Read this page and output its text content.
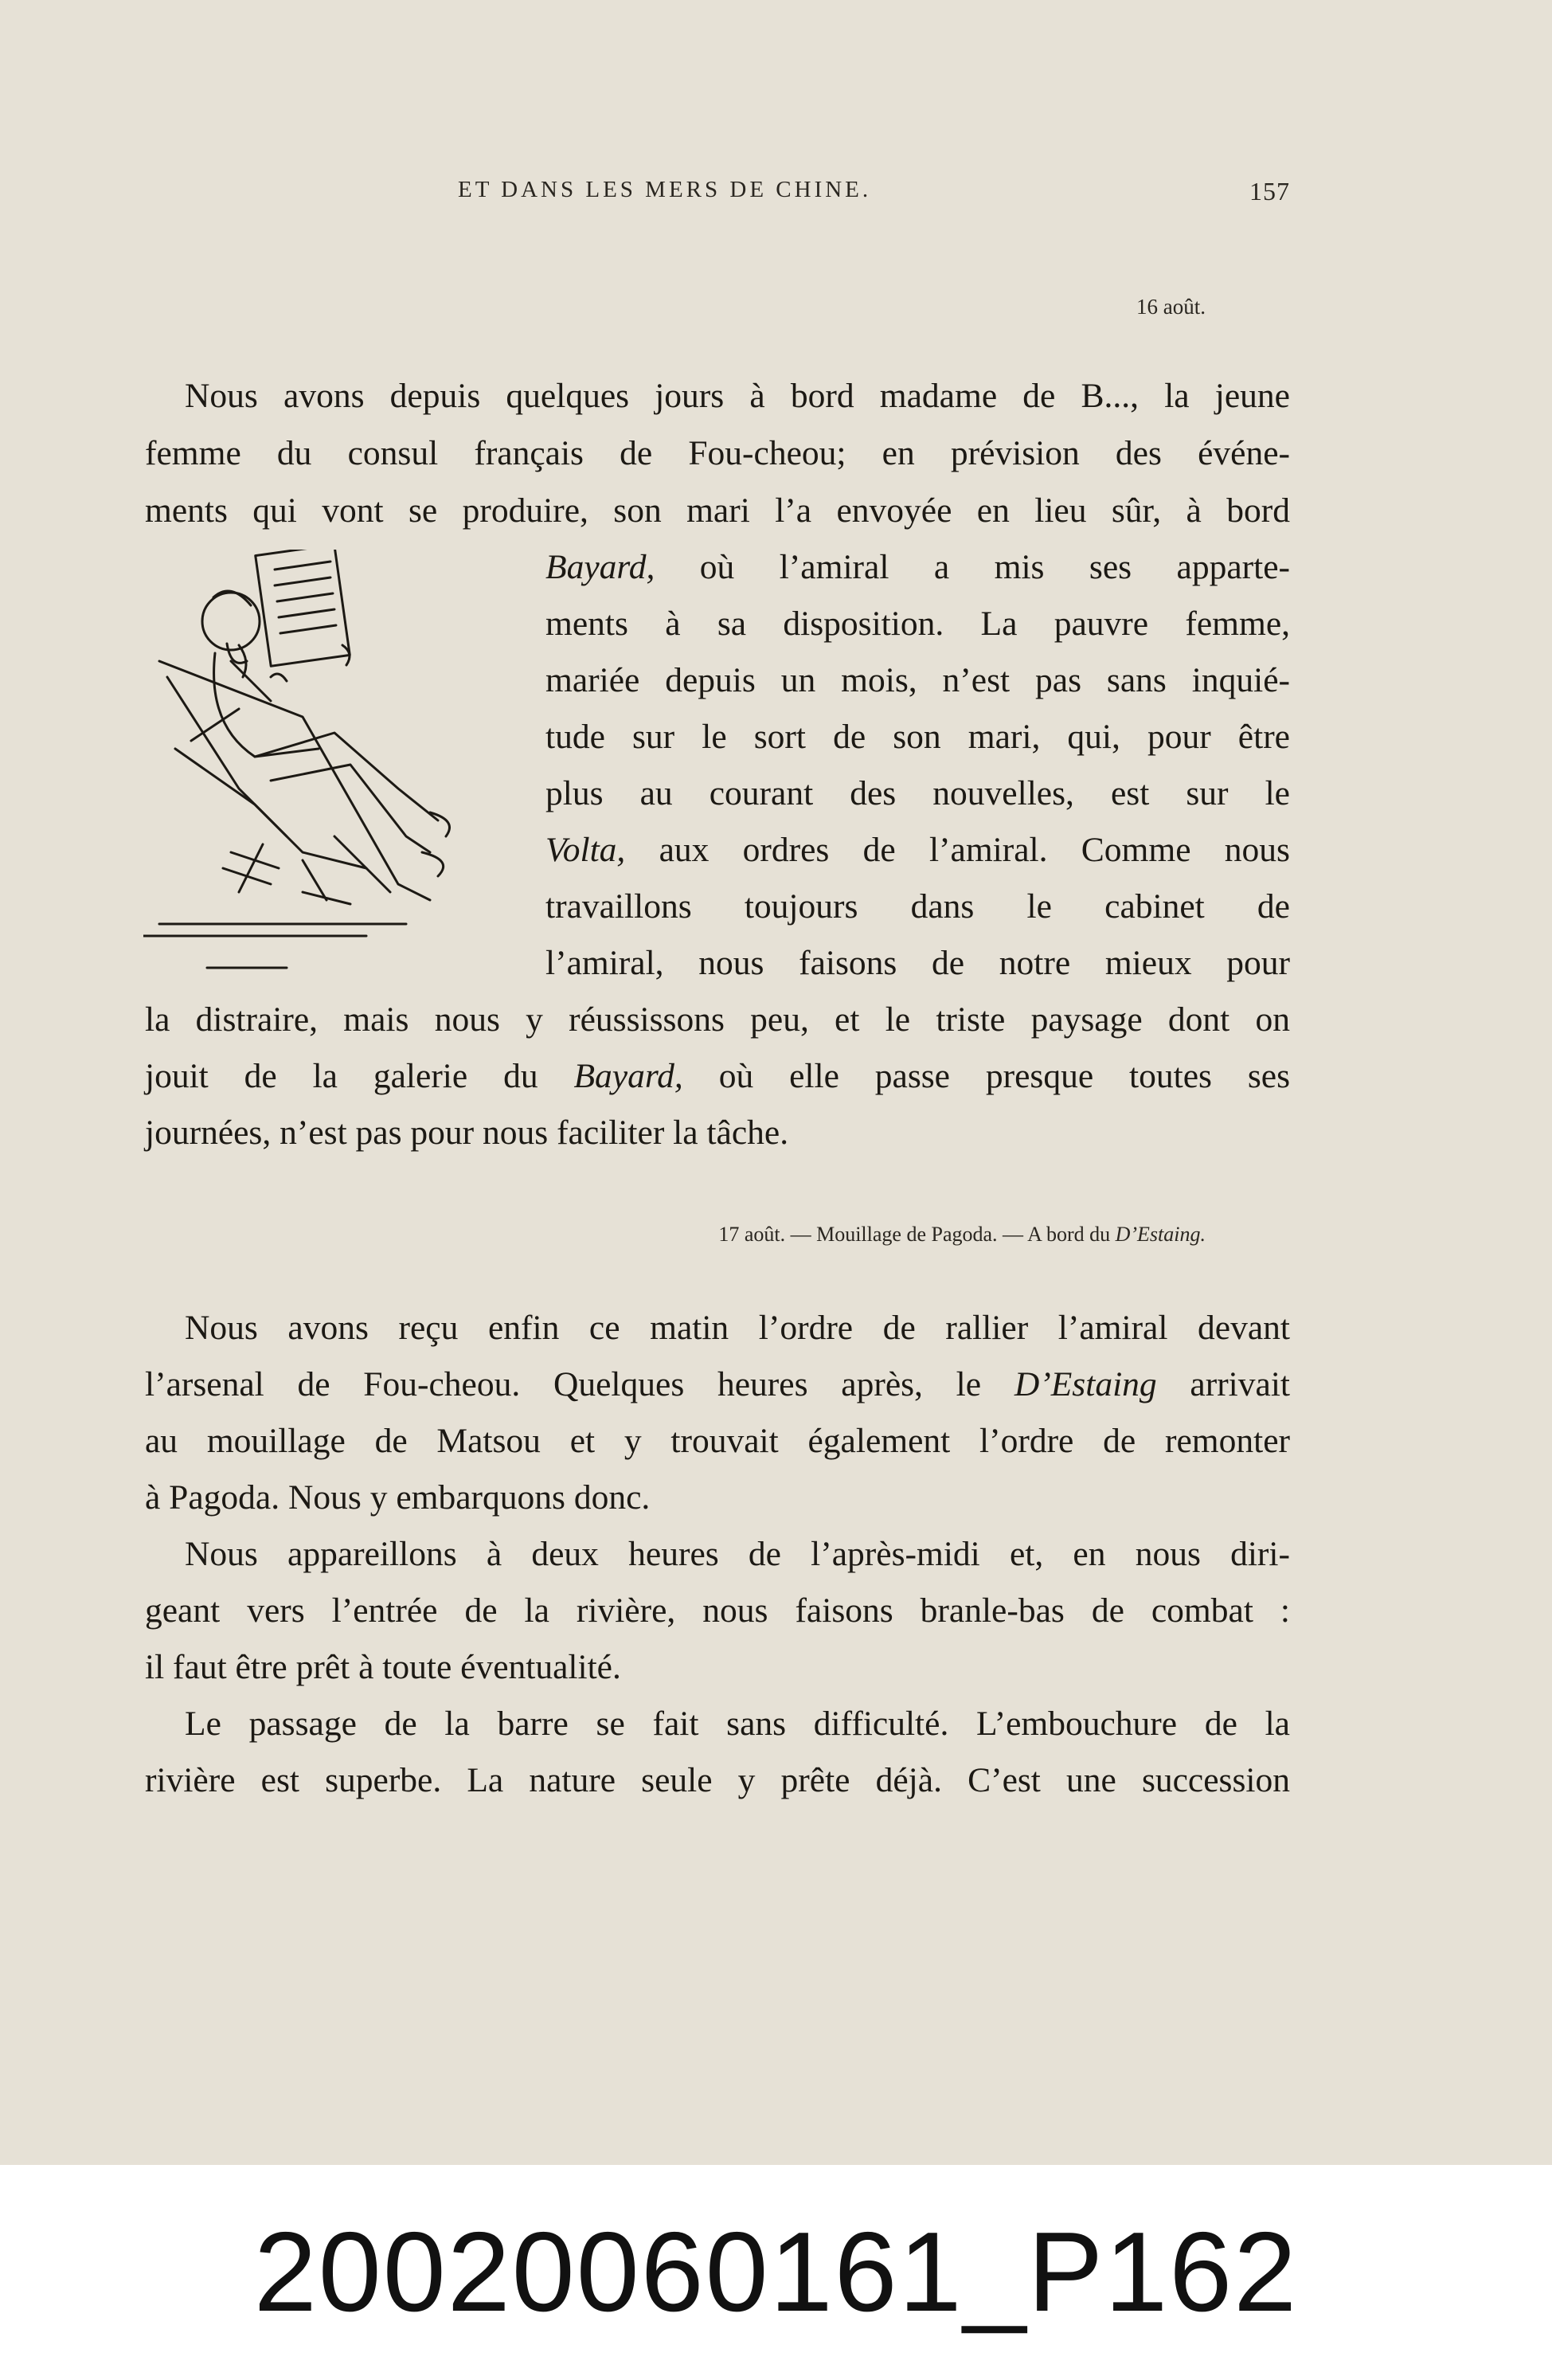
ET DANS LES MERS DE CHINE.	157
16 août.
Nous avons depuis quelques jours à bord madame de B..., la jeune
femme du consul français de Fou-cheou; en prévision des événe-
ments qui vont se produire, son mari l’a envoyée en lieu sûr, à bord
Bayard, où l’amiral a mis ses apparte-
ments à sa disposition. La pauvre femme,
mariée depuis un mois, n’est pas sans inquié-
tude sur le sort de son mari, qui, pour être
plus au courant des nouvelles, est sur le
Volta, aux ordres de l’amiral. Comme nous
travaillons toujours dans le cabinet de
l’amiral, nous faisons de notre mieux pour
la distraire, mais nous y réussissons peu, et le triste paysage dont on
jouit de la galerie du Bayard, où elle passe presque toutes ses
journées, n’est pas pour nous faciliter la tâche.
17 août. — Mouillage de Pagoda. — A bord du D’Estaing.
Nous avons reçu enfin ce matin l’ordre de rallier l’amiral devant
l’arsenal de Fou-cheou. Quelques heures après, le D’Estaing arrivait
au mouillage de Matsou et y trouvait également l’ordre de remonter
à Pagoda. Nous y embarquons donc.
Nous appareillons à deux heures de l’après-midi et, en nous diri-
geant vers l’entrée de la rivière, nous faisons branle-bas de combat :
il faut être prêt à toute éventualité.
Le passage de la barre se fait sans difficulté. L’embouchure de la
rivière est superbe. La nature seule y prête déjà. C’est une succession
20020060161_P162
